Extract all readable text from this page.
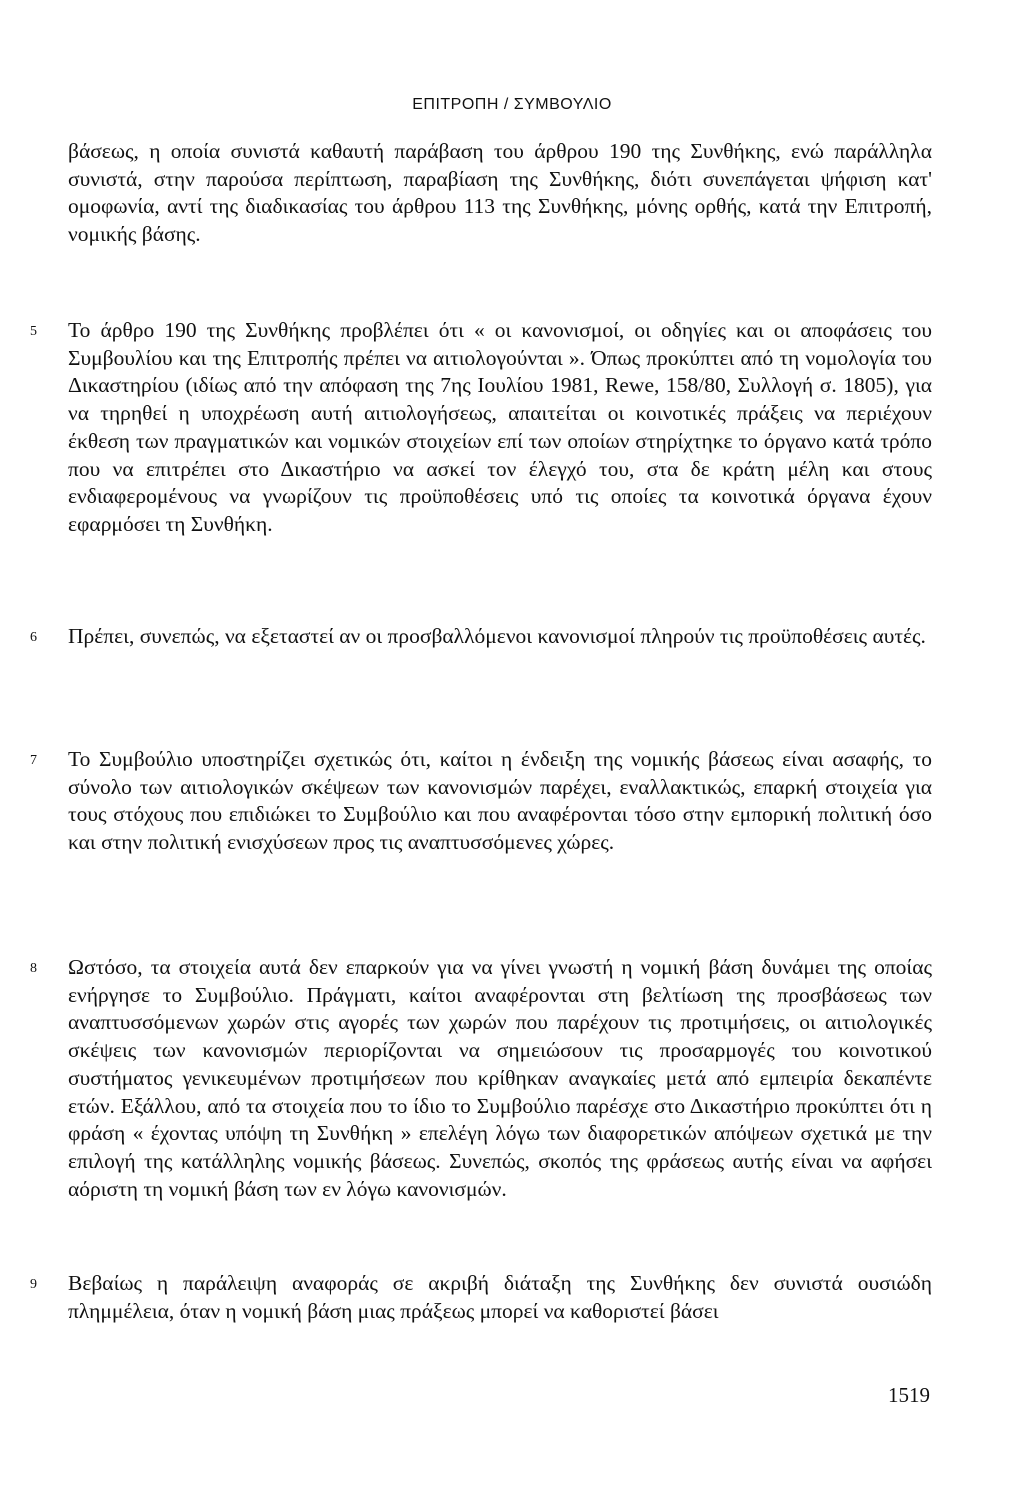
ΕΠΙΤΡΟΠΗ / ΣΥΜΒΟΥΛΙΟ

βάσεως, η οποία συνιστά καθαυτή παράβαση του άρθρου 190 της Συνθήκης, ενώ παράλληλα συνιστά, στην παρούσα περίπτωση, παραβίαση της Συνθήκης, διότι συνεπάγεται ψήφιση κατ' ομοφωνία, αντί της διαδικασίας του άρθρου 113 της Συνθήκης, μόνης ορθής, κατά την Επιτροπή, νομικής βάσης.

5 Το άρθρο 190 της Συνθήκης προβλέπει ότι « οι κανονισμοί, οι οδηγίες και οι αποφάσεις του Συμβουλίου και της Επιτροπής πρέπει να αιτιολογούνται ». Όπως προκύπτει από τη νομολογία του Δικαστηρίου (ιδίως από την απόφαση της 7ης Ιουλίου 1981, Rewe, 158/80, Συλλογή σ. 1805), για να τηρηθεί η υποχρέωση αυτή αιτιολογήσεως, απαιτείται οι κοινοτικές πράξεις να περιέχουν έκθεση των πραγματικών και νομικών στοιχείων επί των οποίων στηρίχτηκε το όργανο κατά τρόπο που να επιτρέπει στο Δικαστήριο να ασκεί τον έλεγχό του, στα δε κράτη μέλη και στους ενδιαφερομένους να γνωρίζουν τις προϋποθέσεις υπό τις οποίες τα κοινοτικά όργανα έχουν εφαρμόσει τη Συνθήκη.

6 Πρέπει, συνεπώς, να εξεταστεί αν οι προσβαλλόμενοι κανονισμοί πληρούν τις προϋποθέσεις αυτές.

7 Το Συμβούλιο υποστηρίζει σχετικώς ότι, καίτοι η ένδειξη της νομικής βάσεως είναι ασαφής, το σύνολο των αιτιολογικών σκέψεων των κανονισμών παρέχει, εναλλακτικώς, επαρκή στοιχεία για τους στόχους που επιδιώκει το Συμβούλιο και που αναφέρονται τόσο στην εμπορική πολιτική όσο και στην πολιτική ενισχύσεων προς τις αναπτυσσόμενες χώρες.

8 Ωστόσο, τα στοιχεία αυτά δεν επαρκούν για να γίνει γνωστή η νομική βάση δυνάμει της οποίας ενήργησε το Συμβούλιο. Πράγματι, καίτοι αναφέρονται στη βελτίωση της προσβάσεως των αναπτυσσόμενων χωρών στις αγορές των χωρών που παρέχουν τις προτιμήσεις, οι αιτιολογικές σκέψεις των κανονισμών περιορίζονται να σημειώσουν τις προσαρμογές του κοινοτικού συστήματος γενικευμένων προτιμήσεων που κρίθηκαν αναγκαίες μετά από εμπειρία δεκαπέντε ετών. Εξάλλου, από τα στοιχεία που το ίδιο το Συμβούλιο παρέσχε στο Δικαστήριο προκύπτει ότι η φράση « έχοντας υπόψη τη Συνθήκη » επελέγη λόγω των διαφορετικών απόψεων σχετικά με την επιλογή της κατάλληλης νομικής βάσεως. Συνεπώς, σκοπός της φράσεως αυτής είναι να αφήσει αόριστη τη νομική βάση των εν λόγω κανονισμών.

9 Βεβαίως η παράλειψη αναφοράς σε ακριβή διάταξη της Συνθήκης δεν συνιστά ουσιώδη πλημμέλεια, όταν η νομική βάση μιας πράξεως μπορεί να καθοριστεί βάσει

1519
